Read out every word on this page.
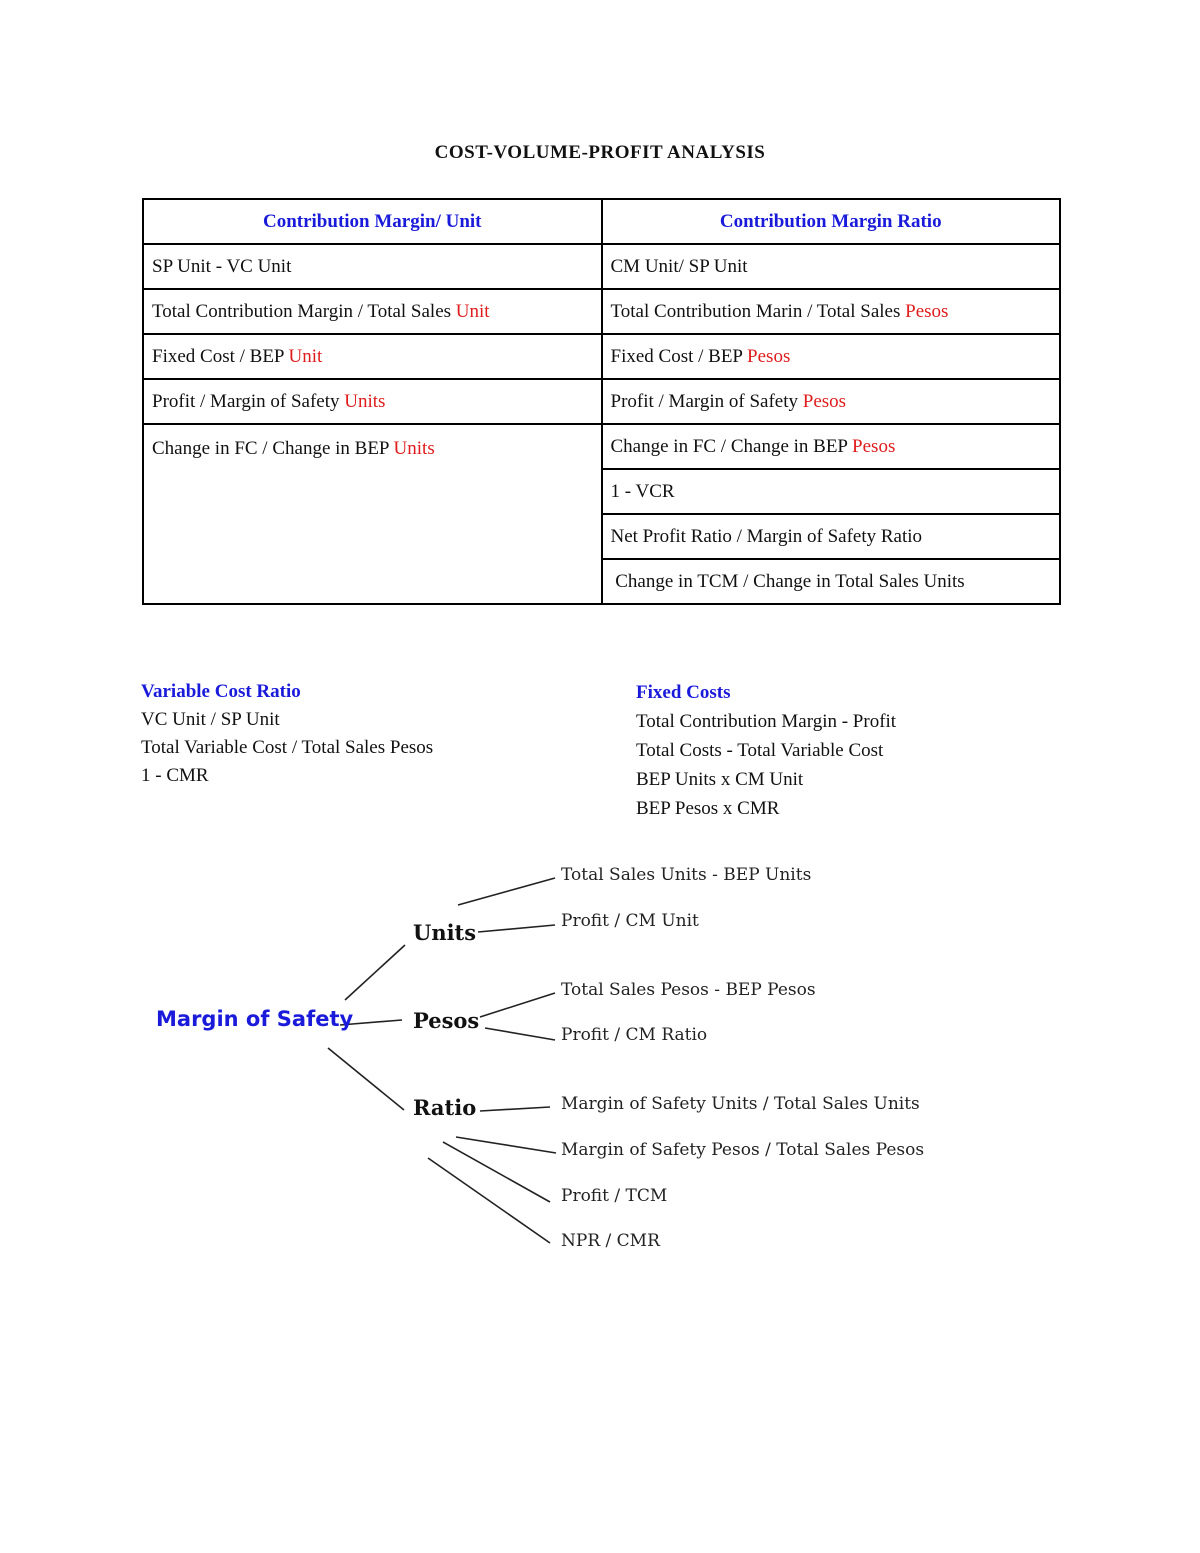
COST-VOLUME-PROFIT ANALYSIS
Contribution Margin/ Unit	Contribution Margin Ratio
SP Unit - VC Unit	CM Unit/ SP Unit
Total Contribution Margin / Total Sales Unit	Total Contribution Marin / Total Sales Pesos
Fixed Cost / BEP Unit	Fixed Cost / BEP Pesos
Profit / Margin of Safety Units	Profit / Margin of Safety Pesos
Change in FC / Change in BEP Units	Change in FC / Change in BEP Pesos
	1 - VCR
	Net Profit Ratio / Margin of Safety Ratio
	Change in TCM / Change in Total Sales Units
Variable Cost Ratio
VC Unit / SP Unit
Total Variable Cost / Total Sales Pesos
1 - CMR
Fixed Costs
Total Contribution Margin - Profit
Total Costs - Total Variable Cost
BEP Units x CM Unit
BEP Pesos x CMR
Margin of Safety
Units
Pesos
Ratio
Total Sales Units - BEP Units
Profit / CM Unit
Total Sales Pesos - BEP Pesos
Profit / CM Ratio
Margin of Safety Units / Total Sales Units
Margin of Safety Pesos / Total Sales Pesos
Profit / TCM
NPR / CMR
